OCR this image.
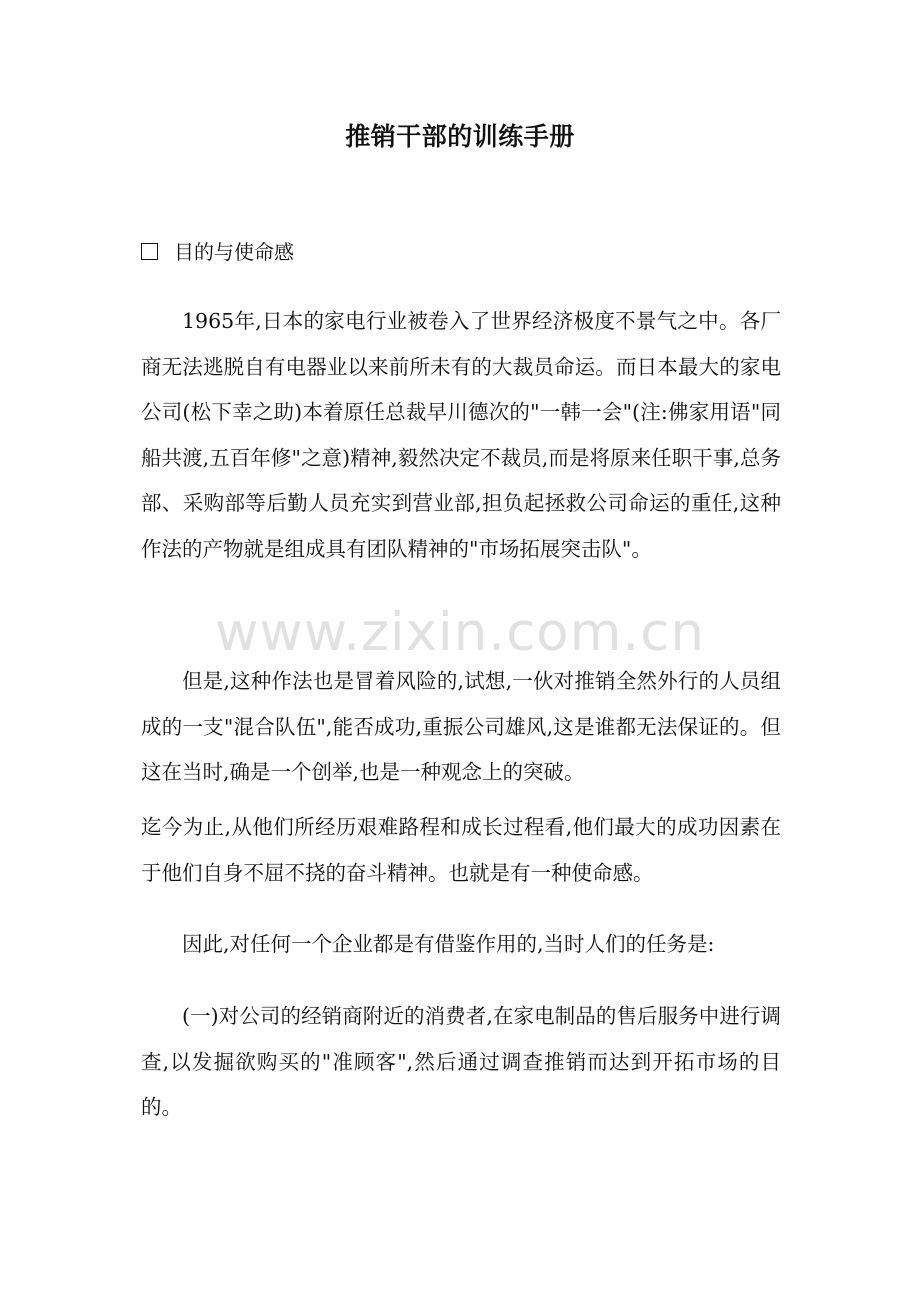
推销干部的训练手册
目的与使命感

1965年,日本的家电行业被卷入了世界经济极度不景气之中。各厂商无法逃脱自有电器业以来前所未有的大裁员命运。而日本最大的家电公司(松下幸之助)本着原任总裁早川德次的"一韩一会"(注:佛家用语"同船共渡,五百年修"之意)精神,毅然决定不裁员,而是将原来任职干事,总务部、采购部等后勤人员充实到营业部,担负起拯救公司命运的重任,这种作法的产物就是组成具有团队精神的"市场拓展突击队"。

但是,这种作法也是冒着风险的,试想,一伙对推销全然外行的人员组成的一支"混合队伍",能否成功,重振公司雄风,这是谁都无法保证的。但这在当时,确是一个创举,也是一种观念上的突破。

迄今为止,从他们所经历艰难路程和成长过程看,他们最大的成功因素在于他们自身不屈不挠的奋斗精神。也就是有一种使命感。

因此,对任何一个企业都是有借鉴作用的,当时人们的任务是:

(一)对公司的经销商附近的消费者,在家电制品的售后服务中进行调查,以发掘欲购买的"准顾客",然后通过调查推销而达到开拓市场的目的。

www.zixin.com.cn
